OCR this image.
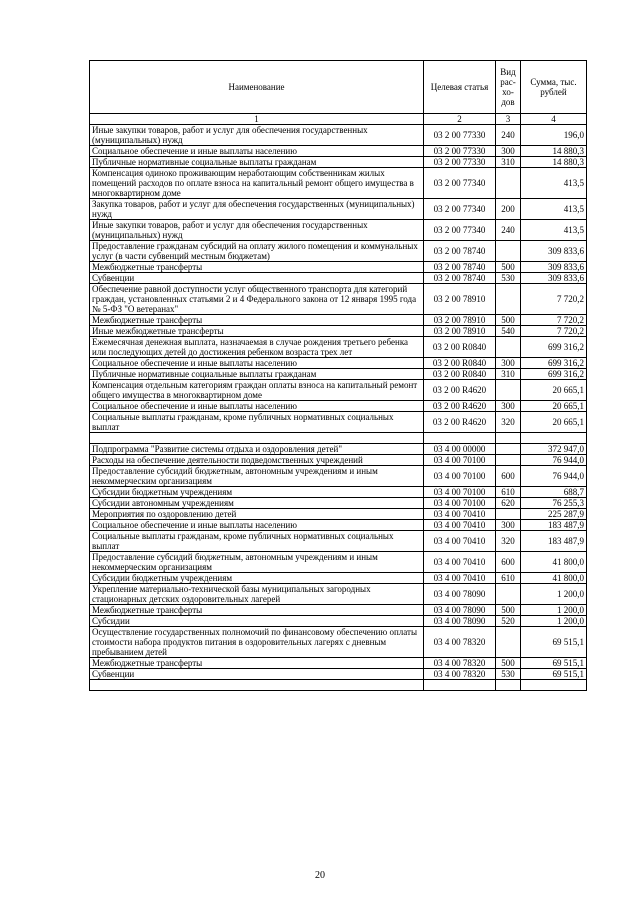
Наименование	Целевая статья	Вид рас-хо-дов	Сумма, тыс. рублей
1	2	3	4
Иные закупки товаров, работ и услуг для обеспечения государственных (муниципальных) нужд	03 2 00 77330	240	196,0
Социальное обеспечение и иные выплаты населению	03 2 00 77330	300	14 880,3
Публичные нормативные социальные выплаты гражданам	03 2 00 77330	310	14 880,3
Компенсация одиноко проживающим неработающим собственникам жилых помещений расходов по оплате взноса на капитальный ремонт общего имущества в многоквартирном доме	03 2 00 77340		413,5
Закупка товаров, работ и услуг для обеспечения государственных (муниципальных) нужд	03 2 00 77340	200	413,5
Иные закупки товаров, работ и услуг для обеспечения государственных (муниципальных) нужд	03 2 00 77340	240	413,5
Предоставление гражданам субсидий на оплату жилого помещения и коммунальных услуг (в части субвенций местным бюджетам)	03 2 00 78740		309 833,6
Межбюджетные трансферты	03 2 00 78740	500	309 833,6
Субвенции	03 2 00 78740	530	309 833,6
Обеспечение равной доступности услуг общественного транспорта для категорий граждан, установленных статьями 2 и 4 Федерального закона от 12 января 1995 года № 5-ФЗ "О ветеранах"	03 2 00 78910		7 720,2
Межбюджетные трансферты	03 2 00 78910	500	7 720,2
Иные межбюджетные трансферты	03 2 00 78910	540	7 720,2
Ежемесячная денежная выплата, назначаемая в случае рождения третьего ребенка или последующих детей до достижения ребенком возраста трех лет	03 2 00 R0840		699 316,2
Социальное обеспечение и иные выплаты населению	03 2 00 R0840	300	699 316,2
Публичные нормативные социальные выплаты гражданам	03 2 00 R0840	310	699 316,2
Компенсация отдельным категориям граждан оплаты взноса на капитальный ремонт общего имущества в многоквартирном доме	03 2 00 R4620		20 665,1
Социальное обеспечение и иные выплаты населению	03 2 00 R4620	300	20 665,1
Социальные выплаты гражданам, кроме публичных нормативных социальных выплат	03 2 00 R4620	320	20 665,1

Подпрограмма "Развитие системы отдыха и оздоровления детей"	03 4 00 00000		372 947,0
Расходы на обеспечение деятельности подведомственных учреждений	03 4 00 70100		76 944,0
Предоставление субсидий бюджетным, автономным учреждениям и иным некоммерческим организациям	03 4 00 70100	600	76 944,0
Субсидии бюджетным учреждениям	03 4 00 70100	610	688,7
Субсидии автономным учреждениям	03 4 00 70100	620	76 255,3
Мероприятия по оздоровлению детей	03 4 00 70410		225 287,9
Социальное обеспечение и иные выплаты населению	03 4 00 70410	300	183 487,9
Социальные выплаты гражданам, кроме публичных нормативных социальных выплат	03 4 00 70410	320	183 487,9
Предоставление субсидий бюджетным, автономным учреждениям и иным некоммерческим организациям	03 4 00 70410	600	41 800,0
Субсидии бюджетным учреждениям	03 4 00 70410	610	41 800,0
Укрепление материально-технической базы муниципальных загородных стационарных детских оздоровительных лагерей	03 4 00 78090		1 200,0
Межбюджетные трансферты	03 4 00 78090	500	1 200,0
Субсидии	03 4 00 78090	520	1 200,0
Осуществление государственных полномочий по финансовому обеспечению оплаты стоимости набора продуктов питания в оздоровительных лагерях с дневным пребыванием детей	03 4 00 78320		69 515,1
Межбюджетные трансферты	03 4 00 78320	500	69 515,1
Субвенции	03 4 00 78320	530	69 515,1

20
